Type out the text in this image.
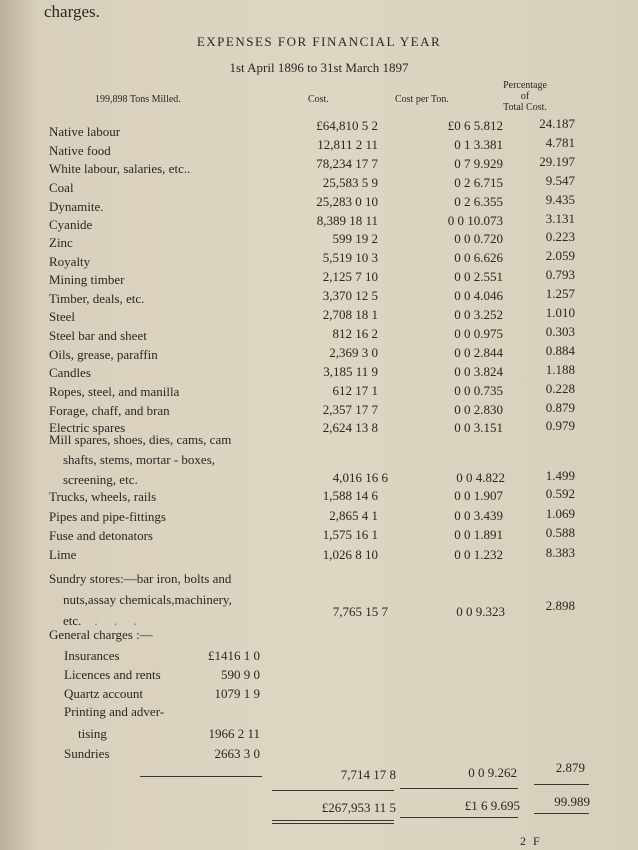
charges.
EXPENSES FOR FINANCIAL YEAR
1st April 1896 to 31st March 1897
199,898 Tons Milled.	Cost.	Cost per Ton.
Percentage
of
Total Cost.
Native labour	£64,810 5 2	£0 6 5.812	24.187
Native food	12,811 2 11	0 1 3.381	4.781
White labour, salaries, etc..	78,234 17 7	0 7 9.929	29.197
Coal	25,583 5 9	0 2 6.715	9.547
Dynamite.	25,283 0 10	0 2 6.355	9.435
Cyanide	8,389 18 11	0 0 10.073	3.131
Zinc	599 19 2	0 0 0.720	0.223
Royalty	5,519 10 3	0 0 6.626	2.059
Mining timber	2,125 7 10	0 0 2.551	0.793
Timber, deals, etc.	3,370 12 5	0 0 4.046	1.257
Steel	2,708 18 1	0 0 3.252	1.010
Steel bar and sheet	812 16 2	0 0 0.975	0.303
Oils, grease, paraffin	2,369 3 0	0 0 2.844	0.884
Candles	3,185 11 9	0 0 3.824	1.188
Ropes, steel, and manilla	612 17 1	0 0 0.735	0.228
Forage, chaff, and bran	2,357 17 7	0 0 2.830	0.879
Electric spares	2,624 13 8	0 0 3.151	0.979
Mill spares, shoes, dies, cams, cam
shafts, stems, mortar - boxes,
screening, etc.	4,016 16 6	0 0 4.822	1.499
Trucks, wheels, rails	1,588 14 6	0 0 1.907	0.592
Pipes and pipe-fittings	2,865 4 1	0 0 3.439	1.069
Fuse and detonators	1,575 16 1	0 0 1.891	0.588
Lime	1,026 8 10	0 0 1.232	8.383
Sundry stores:—bar iron, bolts and
nuts,assay chemicals,machinery,
etc.    .     .     .
7,765 15 7	0 0 9.323	2.898
General charges :—
Insurances	£1416 1 0
Licences and rents	590 9 0
Quartz account	1079 1 9
Printing and adver-
tising	1966 2 11
Sundries	2663 3 0
7,714 17 8	0 0 9.262	2.879
£267,953 11 5	£1 6 9.695	99.989
2 F
